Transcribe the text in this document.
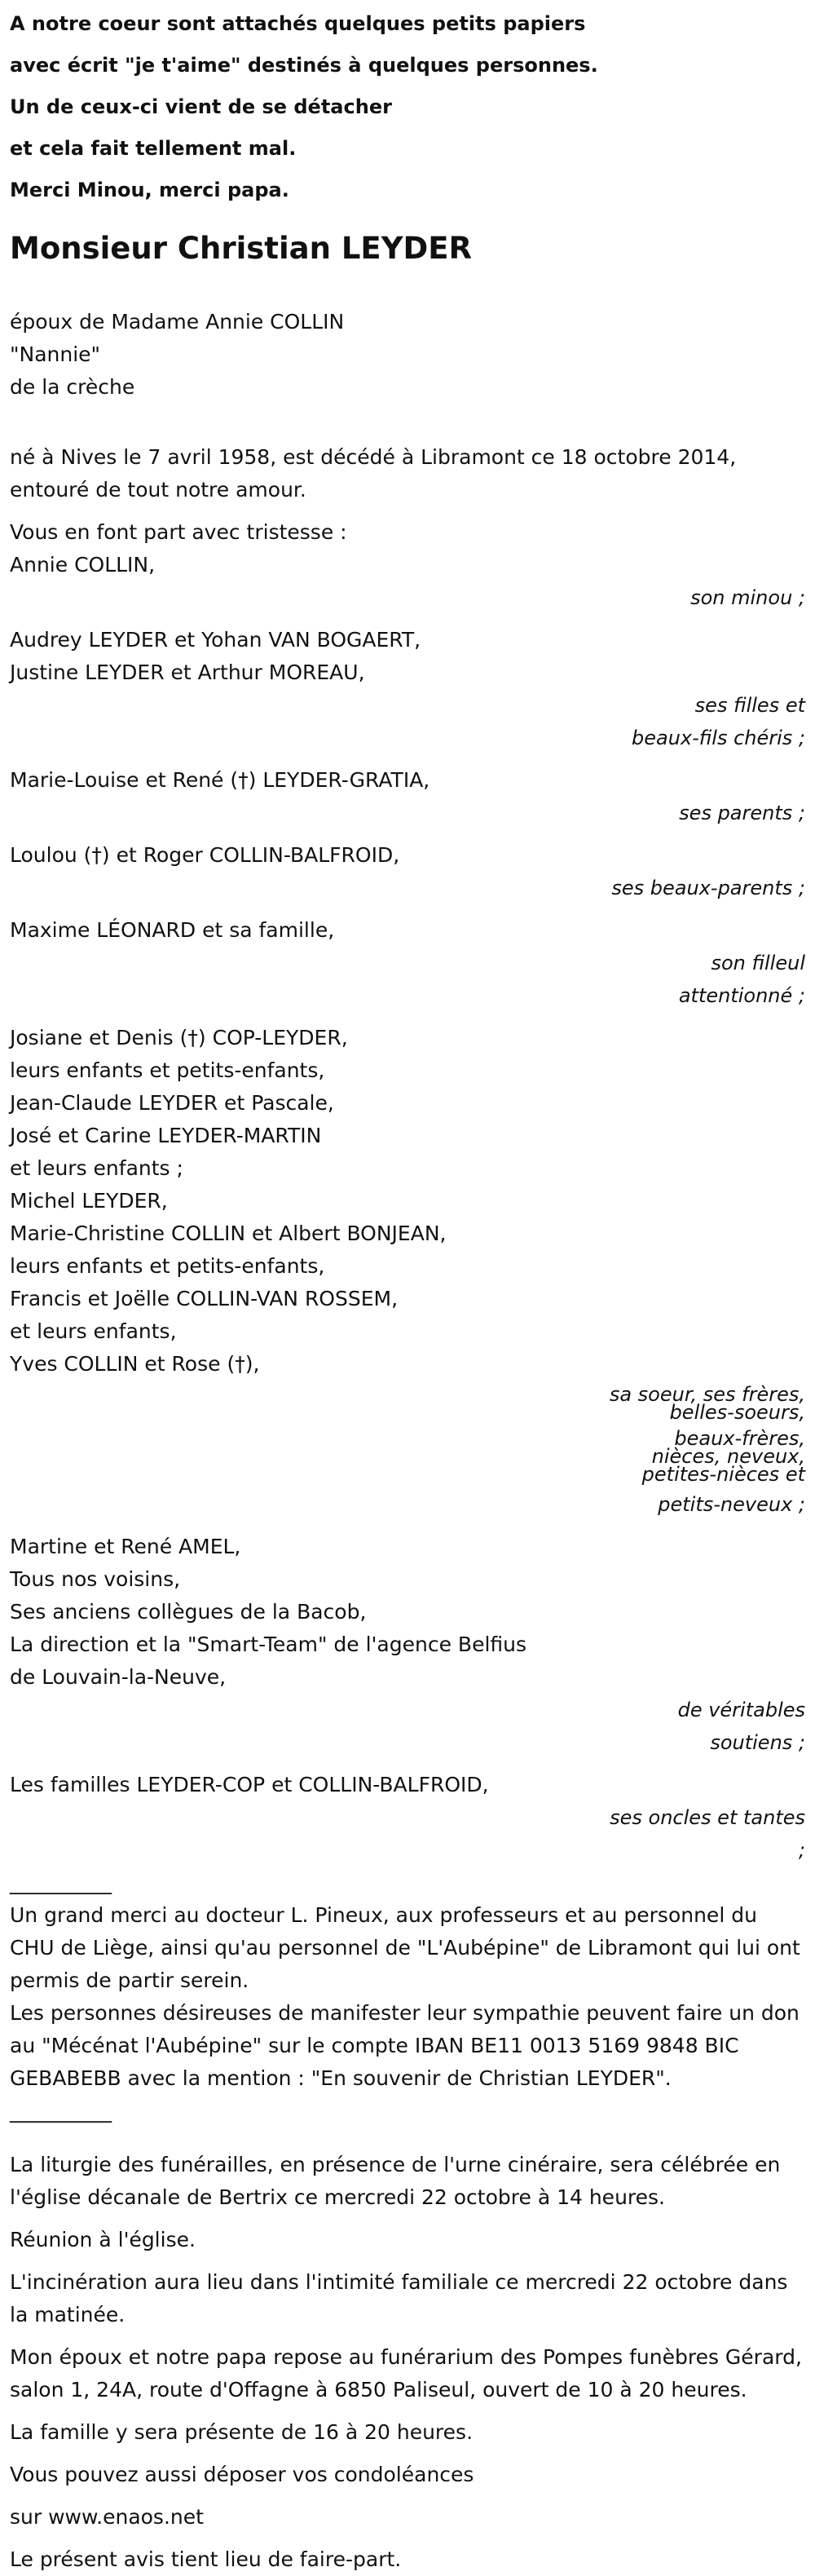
A notre coeur sont attachés quelques petits papiers
avec écrit "je t'aime" destinés à quelques personnes.
Un de ceux-ci vient de se détacher
et cela fait tellement mal.
Merci Minou, merci papa.
Monsieur Christian LEYDER
époux de Madame Annie COLLIN
"Nannie"
de la crèche
né à Nives le 7 avril 1958, est décédé à Libramont ce 18 octobre 2014,
entouré de tout notre amour.
Vous en font part avec tristesse :
Annie COLLIN,
son minou ;
Audrey LEYDER et Yohan VAN BOGAERT,
Justine LEYDER et Arthur MOREAU,
ses filles et
beaux-fils chéris ;
Marie-Louise et René (†) LEYDER-GRATIA,
ses parents ;
Loulou (†) et Roger COLLIN-BALFROID,
ses beaux-parents ;
Maxime LÉONARD et sa famille,
son filleul
attentionné ;
Josiane et Denis (†) COP-LEYDER,
leurs enfants et petits-enfants,
Jean-Claude LEYDER et Pascale,
José et Carine LEYDER-MARTIN
et leurs enfants ;
Michel LEYDER,
Marie-Christine COLLIN et Albert BONJEAN,
leurs enfants et petits-enfants,
Francis et Joëlle COLLIN-VAN ROSSEM,
et leurs enfants,
Yves COLLIN et Rose (†),
sa soeur, ses frères,
belles-soeurs,
beaux-frères,
nièces, neveux,
petites-nièces et
petits-neveux ;
Martine et René AMEL,
Tous nos voisins,
Ses anciens collègues de la Bacob,
La direction et la "Smart-Team" de l'agence Belfius
de Louvain-la-Neuve,
de véritables
soutiens ;
Les familles LEYDER-COP et COLLIN-BALFROID,
ses oncles et tantes
;
__________
Un grand merci au docteur L. Pineux, aux professeurs et au personnel du CHU de Liège, ainsi qu'au personnel de "L'Aubépine" de Libramont qui lui ont permis de partir serein.
Les personnes désireuses de manifester leur sympathie peuvent faire un don au "Mécénat l'Aubépine" sur le compte IBAN BE11 0013 5169 9848 BIC GEBABEBB avec la mention : "En souvenir de Christian LEYDER".
__________
La liturgie des funérailles, en présence de l'urne cinéraire, sera célébrée en l'église décanale de Bertrix ce mercredi 22 octobre à 14 heures.
Réunion à l'église.
L'incinération aura lieu dans l'intimité familiale ce mercredi 22 octobre dans la matinée.
Mon époux et notre papa repose au funérarium des Pompes funèbres Gérard, salon 1, 24A, route d'Offagne à 6850 Paliseul, ouvert de 10 à 20 heures.
La famille y sera présente de 16 à 20 heures.
Vous pouvez aussi déposer vos condoléances
sur www.enaos.net
Le présent avis tient lieu de faire-part.
